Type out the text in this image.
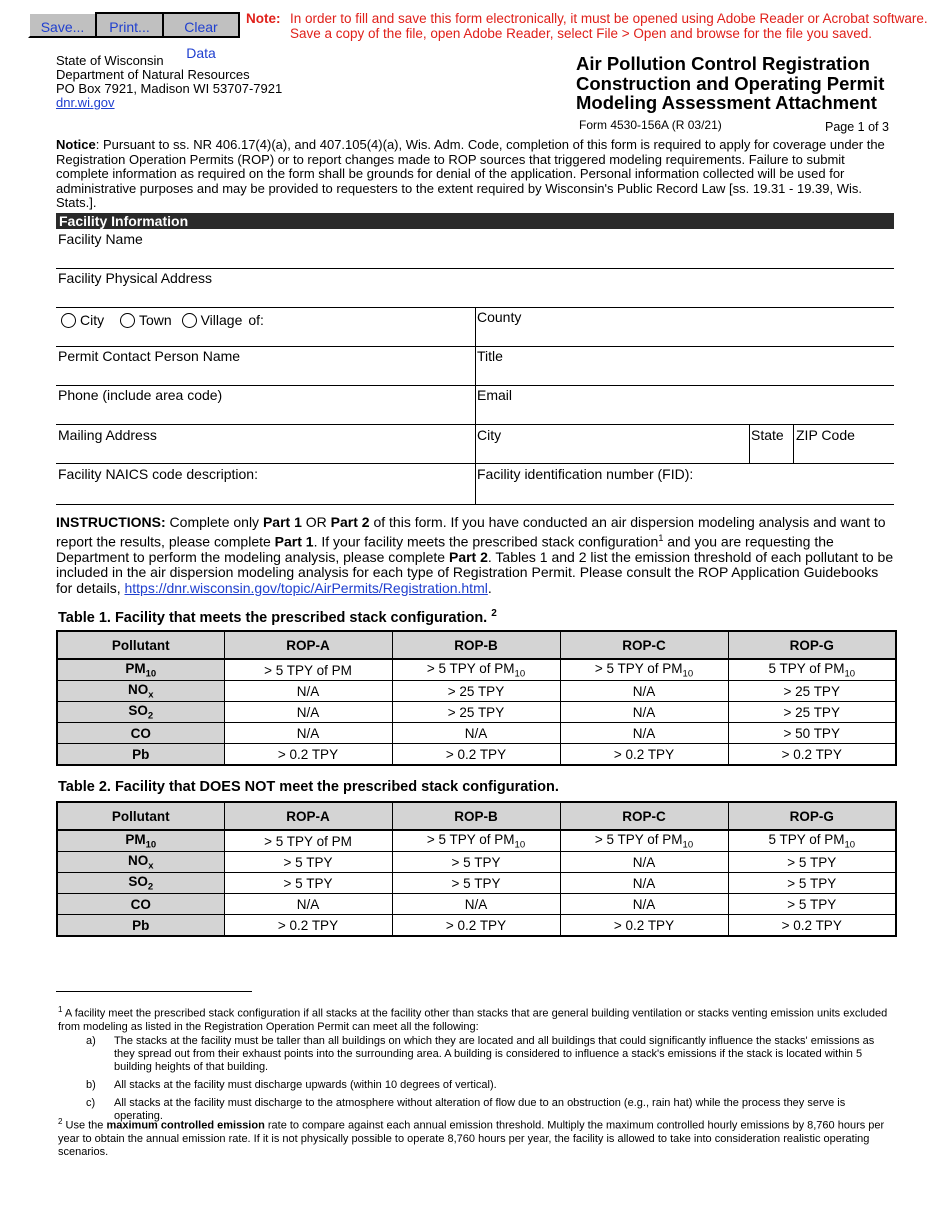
Save...	Print...	Clear Data
Note: In order to fill and save this form electronically, it must be opened using Adobe Reader or Acrobat software.
Save a copy of the file, open Adobe Reader, select File > Open and browse for the file you saved.
State of Wisconsin
Department of Natural Resources
PO Box 7921, Madison WI 53707-7921
dnr.wi.gov
Air Pollution Control Registration
Construction and Operating Permit
Modeling Assessment Attachment
Form 4530-156A (R 03/21)	Page 1 of 3
Notice: Pursuant to ss. NR 406.17(4)(a), and 407.105(4)(a), Wis. Adm. Code, completion of this form is required to apply for coverage under the Registration Operation Permits (ROP) or to report changes made to ROP sources that triggered modeling requirements. Failure to submit complete information as required on the form shall be grounds for denial of the application. Personal information collected will be used for administrative purposes and may be provided to requesters to the extent required by Wisconsin's Public Record Law [ss. 19.31 - 19.39, Wis. Stats.].
Facility Information
Facility Name
Facility Physical Address
City Town Village of:	County
Permit Contact Person Name	Title
Phone (include area code)	Email
Mailing Address	City	State ZIP Code
Facility NAICS code description:	Facility identification number (FID):
INSTRUCTIONS: Complete only Part 1 OR Part 2 of this form. If you have conducted an air dispersion modeling analysis and want to report the results, please complete Part 1. If your facility meets the prescribed stack configuration$^1$ and you are requesting the Department to perform the modeling analysis, please complete Part 2. Tables 1 and 2 list the emission threshold of each pollutant to be included in the air dispersion modeling analysis for each type of Registration Permit. Please consult the ROP Application Guidebooks for details, https://dnr.wisconsin.gov/topic/AirPermits/Registration.html.
Table 1. Facility that meets the prescribed stack configuration. $^2$
Pollutant	ROP-A	ROP-B	ROP-C	ROP-G
$PM_{10}$	> 5 TPY of PM	> 5 TPY of $PM_{10}$	> 5 TPY of $PM_{10}$	5 TPY of $PM_{10}$
$NO_x$	N/A	> 25 TPY	N/A	> 25 TPY
$SO_2$	N/A	> 25 TPY	N/A	> 25 TPY
CO	N/A	N/A	N/A	> 50 TPY
Pb	> 0.2 TPY	> 0.2 TPY	> 0.2 TPY	> 0.2 TPY
Table 2. Facility that DOES NOT meet the prescribed stack configuration.
Pollutant	ROP-A	ROP-B	ROP-C	ROP-G
$PM_{10}$	> 5 TPY of PM	> 5 TPY of $PM_{10}$	> 5 TPY of $PM_{10}$	5 TPY of $PM_{10}$
$NO_x$	> 5 TPY	> 5 TPY	N/A	> 5 TPY
$SO_2$	> 5 TPY	> 5 TPY	N/A	> 5 TPY
CO	N/A	N/A	N/A	> 5 TPY
Pb	> 0.2 TPY	> 0.2 TPY	> 0.2 TPY	> 0.2 TPY
$^1$ A facility meet the prescribed stack configuration if all stacks at the facility other than stacks that are general building ventilation or stacks venting emission units excluded from modeling as listed in the Registration Operation Permit can meet all the following:
a) The stacks at the facility must be taller than all buildings on which they are located and all buildings that could significantly influence the stacks' emissions as they spread out from their exhaust points into the surrounding area. A building is considered to influence a stack's emissions if the stack is located within 5 building heights of that building.
b) All stacks at the facility must discharge upwards (within 10 degrees of vertical).
c) All stacks at the facility must discharge to the atmosphere without alteration of flow due to an obstruction (e.g., rain hat) while the process they serve is operating.
$^2$ Use the maximum controlled emission rate to compare against each annual emission threshold. Multiply the maximum controlled hourly emissions by 8,760 hours per year to obtain the annual emission rate. If it is not physically possible to operate 8,760 hours per year, the facility is allowed to take into consideration realistic operating scenarios.
